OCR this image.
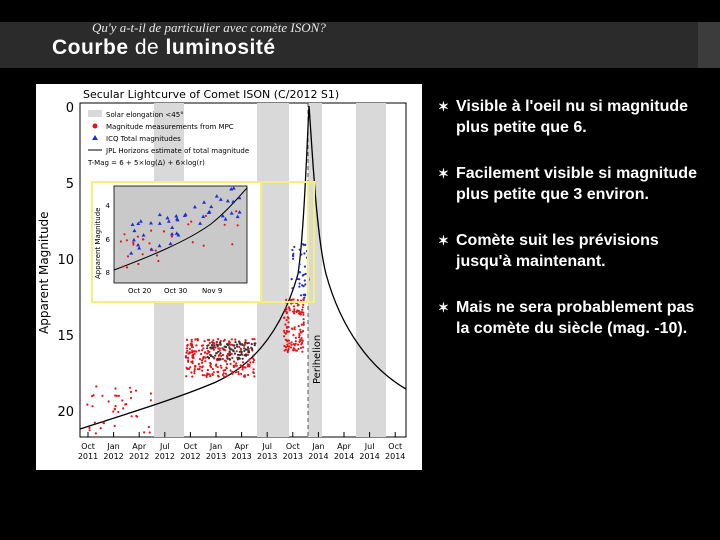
Qu'y a-t-il de particulier avec comète ISON?
Courbe de luminosité
Secular Lightcurve of Comet ISON (C/2012 S1)
Perihelion
Solar elongation <45°
Magnitude measurements from MPC
ICQ Total magnitudes
JPL Horizons estimate of total magnitude
T-Mag = 6 + 5×log(Δ) + 6×log(r)
0
5
10
15
20
Apparent Magnitude
Oct
2011
Jan
2012
Apr
2012
Jul
2012
Oct
2012
Jan
2013
Apr
2013
Jul
2013
Oct
2013
Jan
2014
Apr
2014
Jul
2014
Oct
2014
4
6
8
Apparent Magnitude
Oct 20 Oct 30 Nov 9
✶ Visible à l'oeil nu si magnitude plus petite que 6.
✶ Facilement visible si magnitude plus petite que 3 environ.
✶ Comète suit les prévisions jusqu'à maintenant.
✶ Mais ne sera probablement pas la comète du siècle (mag. -10).
